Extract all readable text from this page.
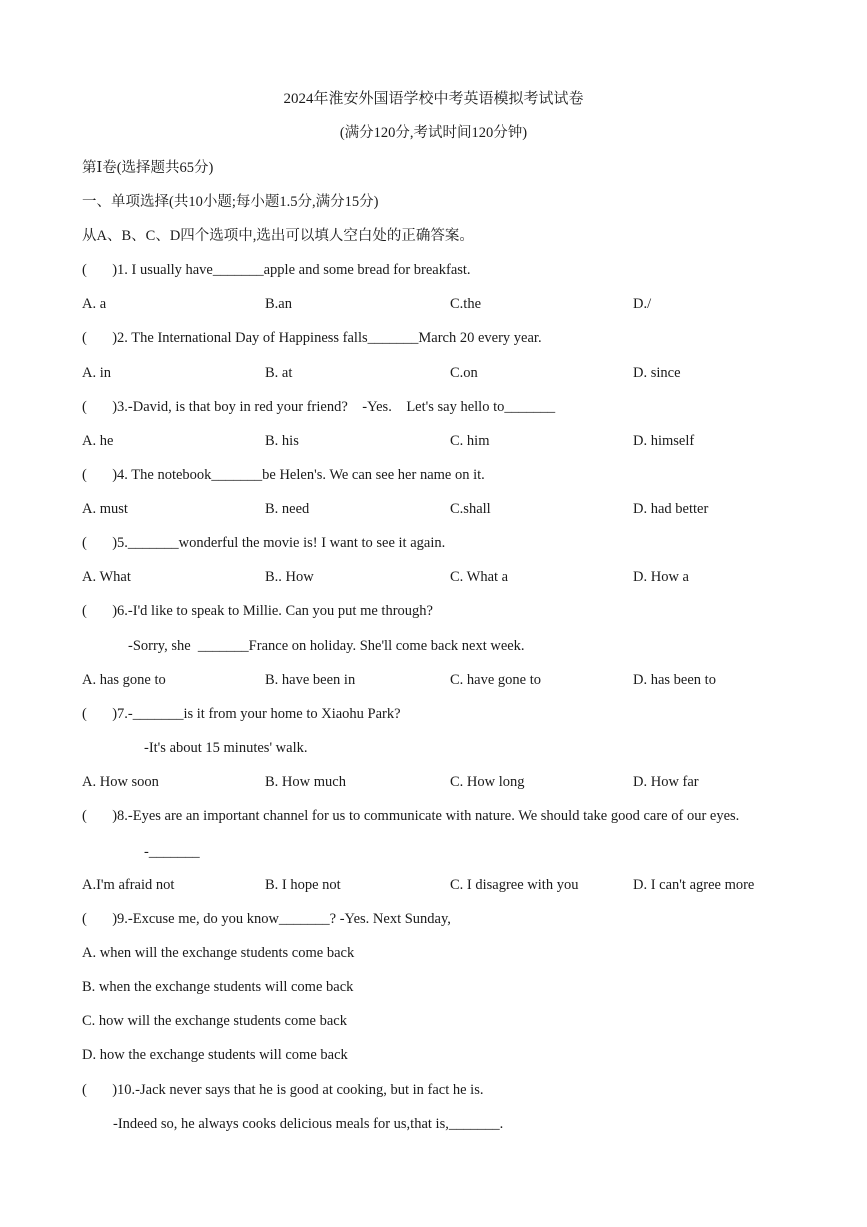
2024年淮安外国语学校中考英语模拟考试试卷
(满分120分,考试时间120分钟)
第Ⅰ卷(选择题共65分)
一、单项选择(共10小题;每小题1.5分,满分15分)
从A、B、C、D四个选项中,选出可以填人空白处的正确答案。
(       )1. I usually have_______apple and some bread for breakfast.
A. a	B.an	C.the	D./
(       )2. The International Day of Happiness falls_______March 20 every year.
A. in	B. at	C.on	D. since
(       )3.-David, is that boy in red your friend?    -Yes.    Let's say hello to_______
A. he	B. his	C. him	D. himself
(       )4. The notebook_______be Helen's. We can see her name on it.
A. must	B. need	C.shall	D. had better
(       )5._______wonderful the movie is! I want to see it again.
A. What	B.. How	C. What a	D. How a
(       )6.-I'd like to speak to Millie. Can you put me through?
-Sorry, she  _______France on holiday. She'll come back next week.
A. has gone to	B. have been in	C. have gone to	D. has been to
(       )7.-_______is it from your home to Xiaohu Park?
-It's about 15 minutes' walk.
A. How soon	B. How much	C. How long	D. How far
(       )8.-Eyes are an important channel for us to communicate with nature. We should take good care of our eyes.
-_______
A.I'm afraid not	B. I hope not	C. I disagree with you	D. I can't agree more
(       )9.-Excuse me, do you know_______? -Yes. Next Sunday,
A. when will the exchange students come back
B. when the exchange students will come back
C. how will the exchange students come back
D. how the exchange students will come back
(       )10.-Jack never says that he is good at cooking, but in fact he is.
-Indeed so, he always cooks delicious meals for us,that is,_______.
